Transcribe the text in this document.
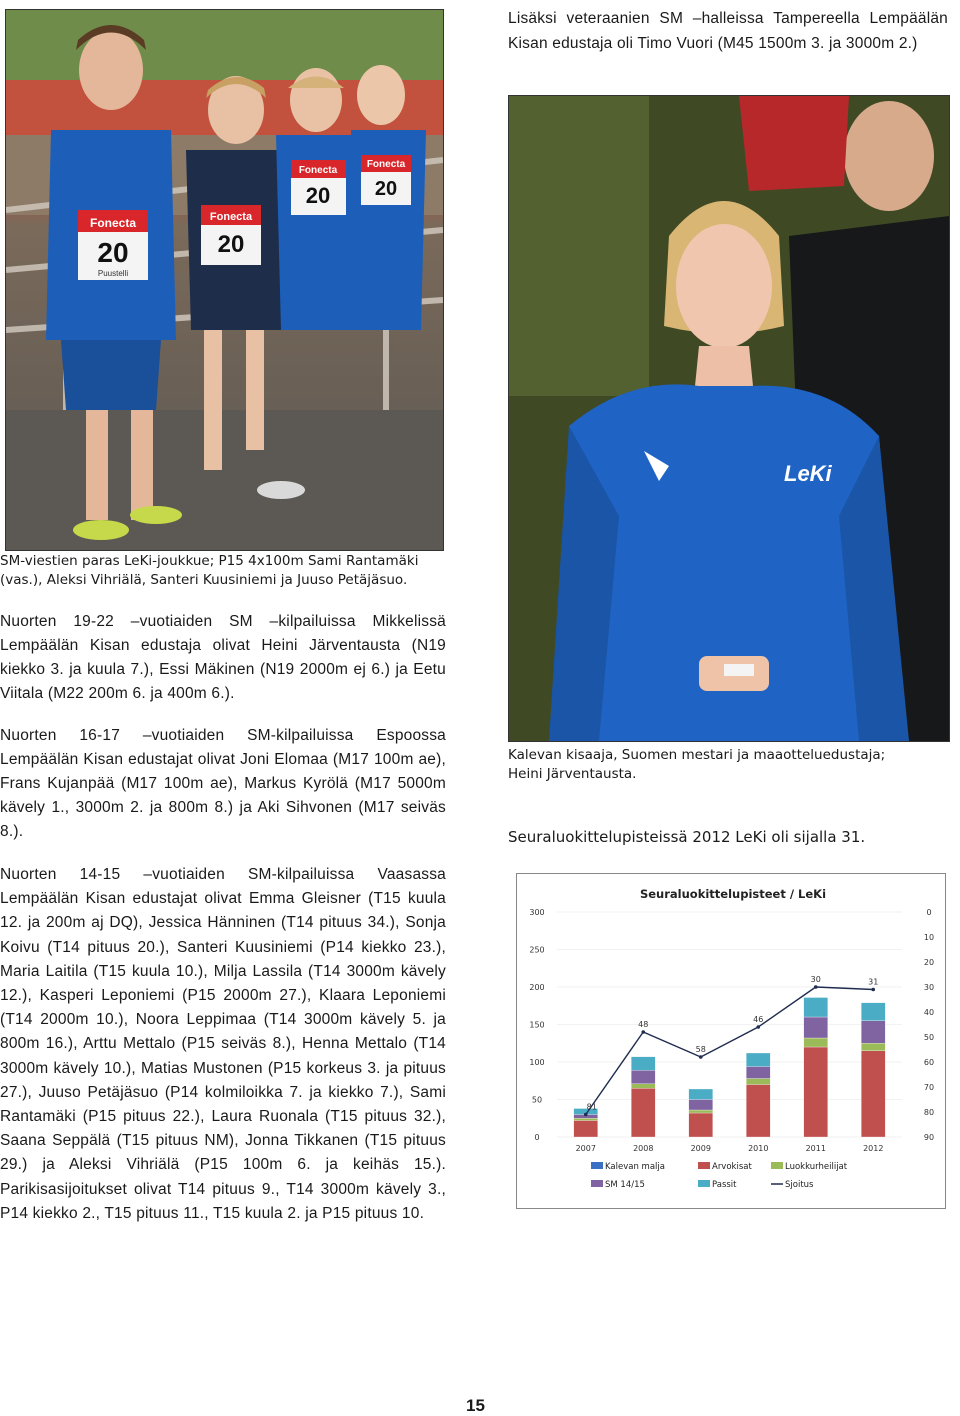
Lisäksi veteraanien SM –halleissa Tampereella Lempäälän Kisan edustaja oli Timo Vuori (M45 1500m 3. ja 3000m 2.)
Fonecta
20
Puustelli
Fonecta
20
Fonecta
20
Fonecta
20
SM-viestien paras LeKi-joukkue; P15 4x100m Sami Rantamäki
(vas.), Aleksi Vihriälä, Santeri Kuusiniemi ja Juuso Petäjäsuo.
LeKi
Kalevan kisaaja, Suomen mestari ja maaotteluedustaja;
Heini Järventausta.
Nuorten 19-22 –vuotiaiden SM –kilpailuissa Mikkelissä Lempäälän Kisan edustaja olivat Heini Järventausta (N19 kiekko 3. ja kuula 7.), Essi Mäkinen (N19 2000m ej 6.) ja Eetu Viitala (M22 200m 6. ja 400m 6.).
Nuorten 16-17 –vuotiaiden SM-kilpailuissa Espoossa Lempäälän Kisan edustajat olivat Joni Elomaa (M17 100m ae), Frans Kujanpää (M17 100m ae), Markus Kyrölä (M17 5000m kävely 1., 3000m 2. ja 800m 8.) ja Aki Sihvonen (M17 seiväs 8.).
Nuorten 14-15 –vuotiaiden SM-kilpailuissa Vaasassa Lempäälän Kisan edustajat olivat Emma Gleisner (T15 kuula 12. ja 200m aj DQ), Jessica Hänninen (T14 pituus 34.), Sonja Koivu (T14 pituus 20.), Santeri Kuusiniemi (P14 kiekko 23.), Maria Laitila (T15 kuula 10.), Milja Lassila (T14 3000m kävely 12.), Kasperi Leponiemi (P15 2000m 27.), Klaara Leponiemi (T14 2000m 10.), Noora Leppimaa (T14 3000m kävely 5. ja 800m 16.), Arttu Mettalo (P15 seiväs 8.), Henna Mettalo (T14 3000m kävely 10.), Matias Mustonen (P15 korkeus 3. ja pituus 27.), Juuso Petäjäsuo (P14 kolmiloikka 7. ja kiekko 7.), Sami Rantamäki (P15 pituus 22.), Laura Ruonala (T15 pituus 32.), Saana Seppälä (T15 pituus NM), Jonna Tikkanen (T15 pituus 29.) ja Aleksi Vihriälä (P15 100m 6. ja keihäs 15.). Parikisasijoitukset olivat T14 pituus 9., T14 3000m kävely 3., P14 kiekko 2., T15 pituus 11., T15 kuula 2. ja P15 pituus 10.
Seuraluokittelupisteissä 2012 LeKi oli sijalla 31.
Seuraluokittelupisteet / LeKi
81
48
58
46
30	31
0
50
100
150
200
250
300	0
10
20
30
40
50
60
70
80
90
2007	2008	2009	2010	2011	2012
Kalevan malja	Arvokisat	Luokkurheilijat
SM 14/15	Passit	Sjoitus
15
